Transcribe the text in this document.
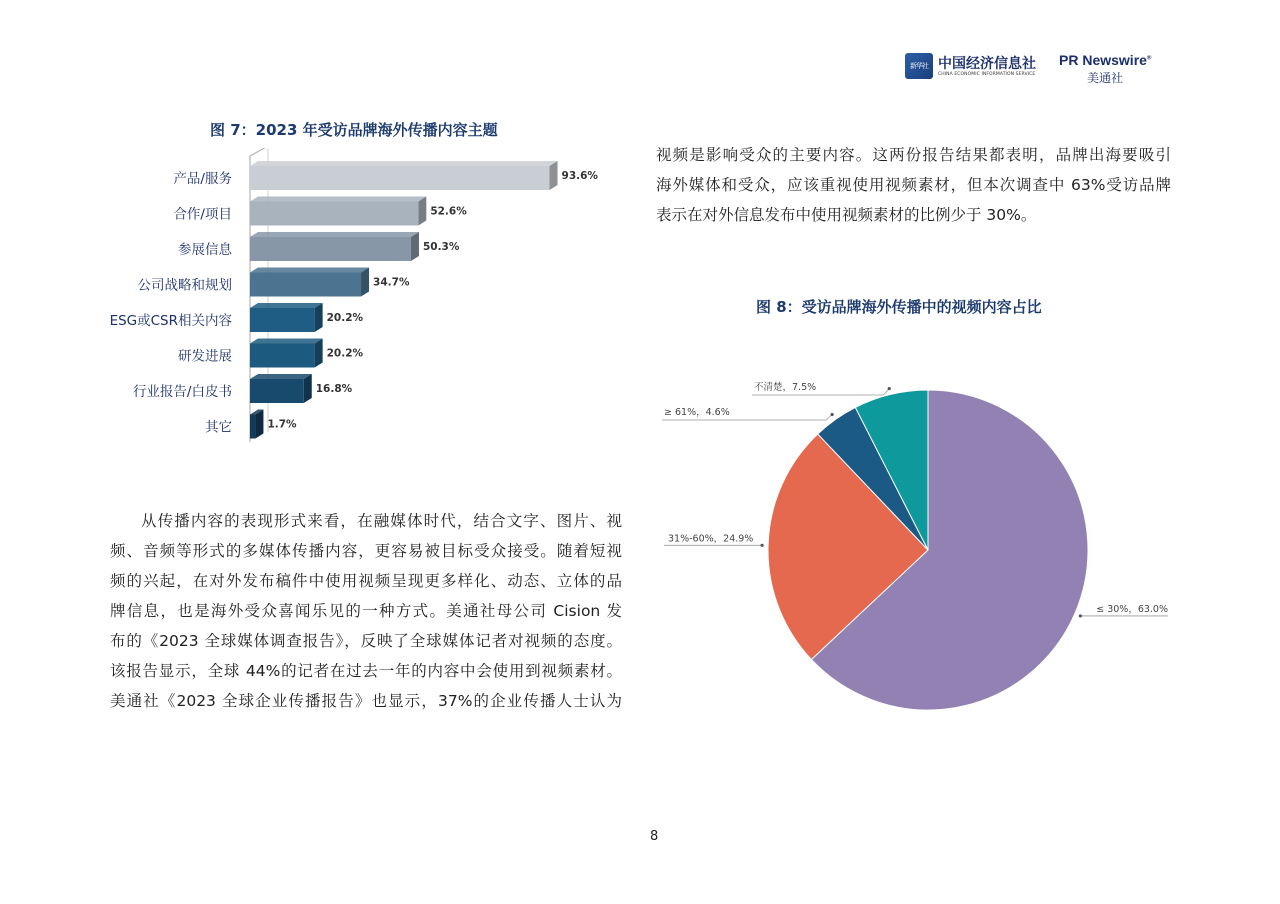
新华社 中国经济信息社
CHINA ECONOMIC INFORMATION SERVICE
PR Newswire®
美通社
图 7：2023 年受访品牌海外传播内容主题
产品/服务	93.6%
合作/项目	52.6%
参展信息	50.3%
公司战略和规划	34.7%
ESG或CSR相关内容	20.2%
研发进展	20.2%
行业报告/白皮书	16.8%
其它	1.7%
视频是影响受众的主要内容。这两份报告结果都表明，品牌出海要吸引
海外媒体和受众，应该重视使用视频素材，但本次调查中 63%受访品牌
表示在对外信息发布中使用视频素材的比例少于 30%。
图 8：受访品牌海外传播中的视频内容占比
≤ 30%，63.0%
31%-60%，24.9%
≥ 61%，4.6%
不清楚，7.5%
从传播内容的表现形式来看，在融媒体时代，结合文字、图片、视
频、音频等形式的多媒体传播内容，更容易被目标受众接受。随着短视
频的兴起，在对外发布稿件中使用视频呈现更多样化、动态、立体的品
牌信息，也是海外受众喜闻乐见的一种方式。美通社母公司 Cision 发
布的《2023 全球媒体调查报告》，反映了全球媒体记者对视频的态度。
该报告显示，全球 44%的记者在过去一年的内容中会使用到视频素材。
美通社《2023 全球企业传播报告》也显示，37%的企业传播人士认为
8
